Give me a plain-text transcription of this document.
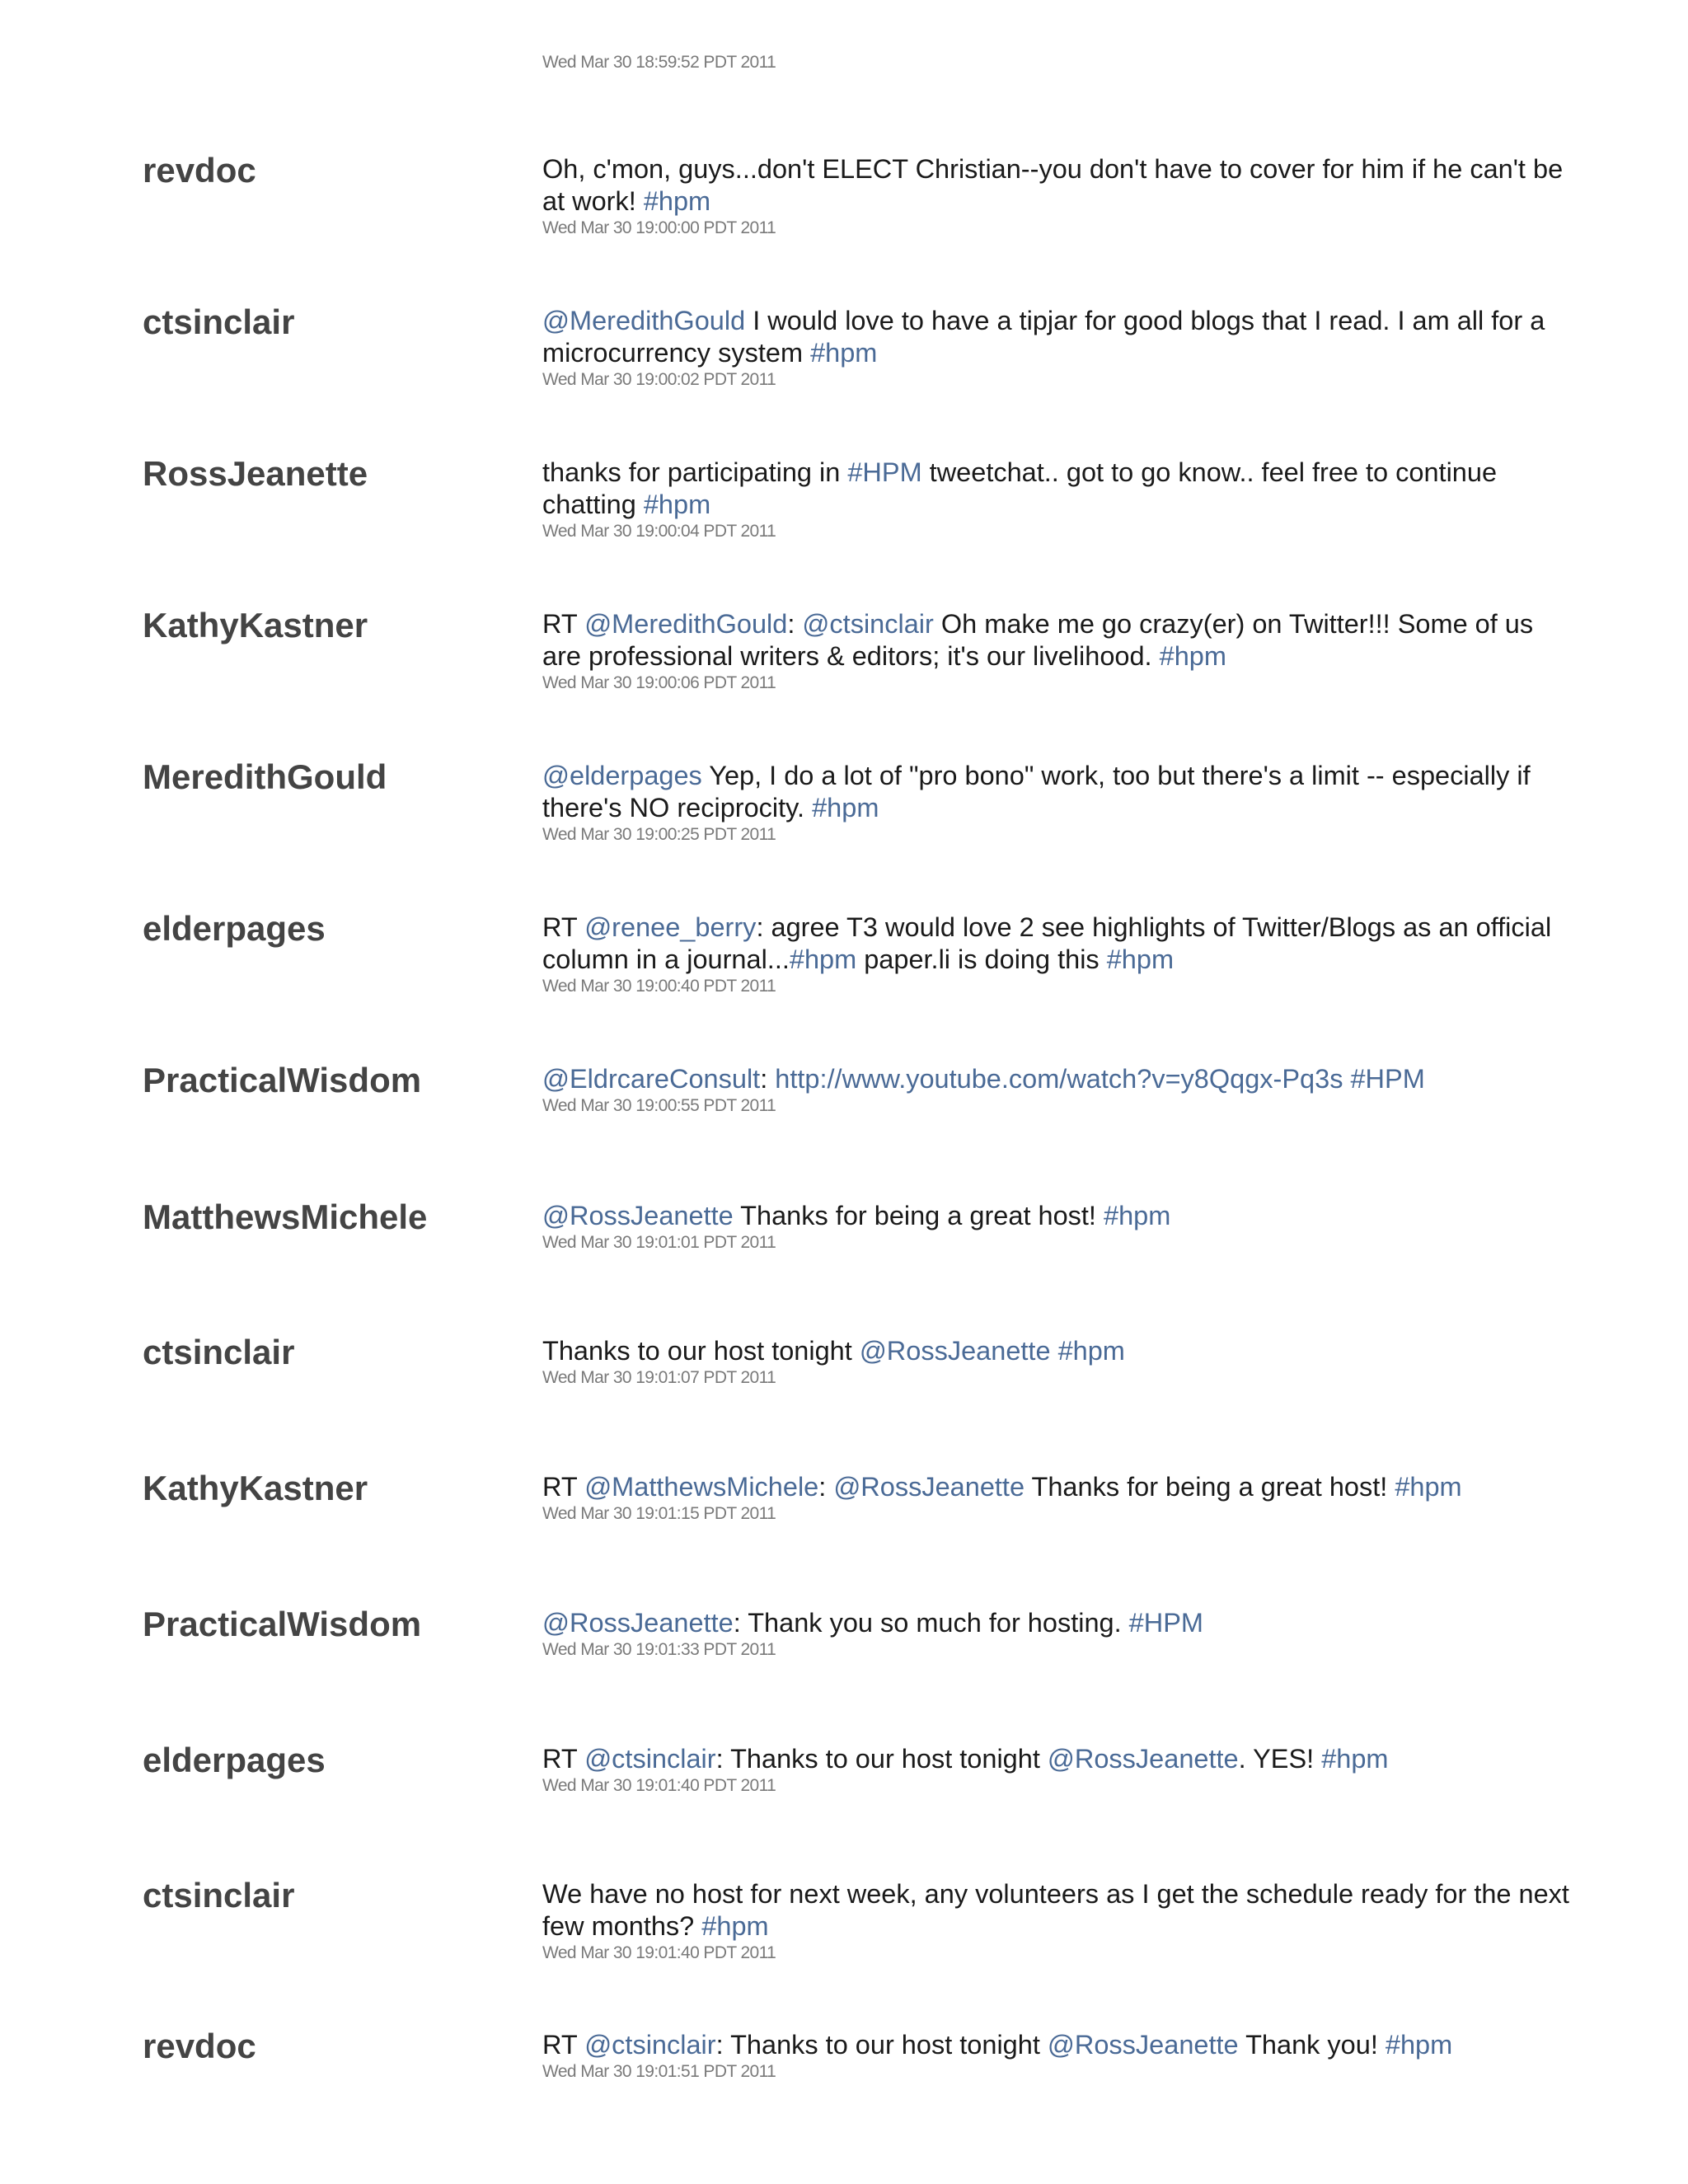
Wed Mar 30 18:59:52 PDT 2011
revdoc	Oh, c'mon, guys...don't ELECT Christian--you don't have to cover for him if he can't be at work! #hpm
Wed Mar 30 19:00:00 PDT 2011
ctsinclair	@MeredithGould I would love to have a tipjar for good blogs that I read. I am all for a microcurrency system #hpm
Wed Mar 30 19:00:02 PDT 2011
RossJeanette	thanks for participating in #HPM tweetchat.. got to go know.. feel free to continue chatting #hpm
Wed Mar 30 19:00:04 PDT 2011
KathyKastner	RT @MeredithGould: @ctsinclair Oh make me go crazy(er) on Twitter!!! Some of us are professional writers & editors; it's our livelihood. #hpm
Wed Mar 30 19:00:06 PDT 2011
MeredithGould	@elderpages Yep, I do a lot of "pro bono" work, too but there's a limit -- especially if there's NO reciprocity. #hpm
Wed Mar 30 19:00:25 PDT 2011
elderpages	RT @renee_berry: agree T3 would love 2 see highlights of Twitter/Blogs as an official column in a journal...#hpm paper.li is doing this #hpm
Wed Mar 30 19:00:40 PDT 2011
PracticalWisdom	@EldrcareConsult: http://www.youtube.com/watch?v=y8Qqgx-Pq3s #HPM
Wed Mar 30 19:00:55 PDT 2011
MatthewsMichele	@RossJeanette Thanks for being a great host! #hpm
Wed Mar 30 19:01:01 PDT 2011
ctsinclair	Thanks to our host tonight @RossJeanette #hpm
Wed Mar 30 19:01:07 PDT 2011
KathyKastner	RT @MatthewsMichele: @RossJeanette Thanks for being a great host! #hpm
Wed Mar 30 19:01:15 PDT 2011
PracticalWisdom	@RossJeanette: Thank you so much for hosting. #HPM
Wed Mar 30 19:01:33 PDT 2011
elderpages	RT @ctsinclair: Thanks to our host tonight @RossJeanette. YES! #hpm
Wed Mar 30 19:01:40 PDT 2011
ctsinclair	We have no host for next week, any volunteers as I get the schedule ready for the next few months? #hpm
Wed Mar 30 19:01:40 PDT 2011
revdoc	RT @ctsinclair: Thanks to our host tonight @RossJeanette Thank you! #hpm
Wed Mar 30 19:01:51 PDT 2011
